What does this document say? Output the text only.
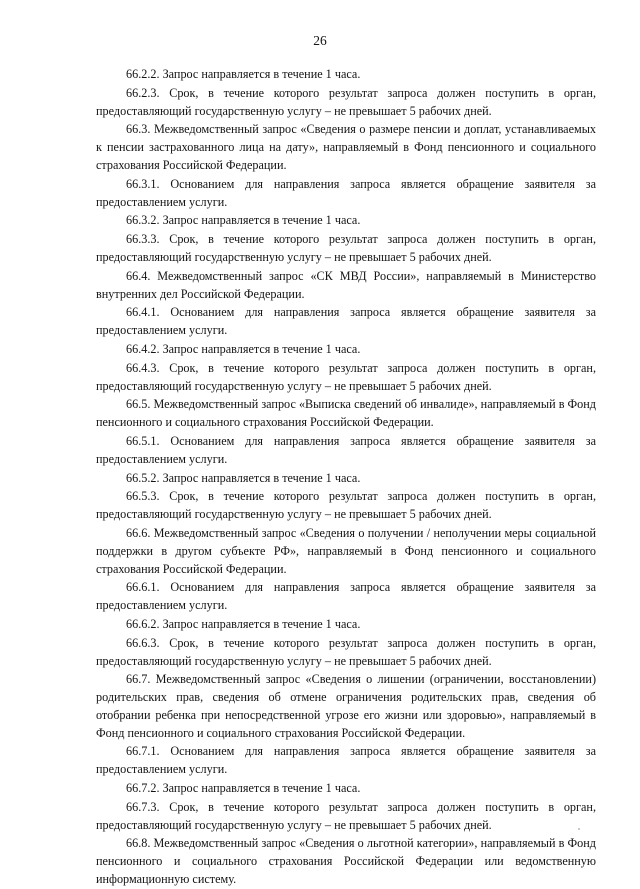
26

66.2.2. Запрос направляется в течение 1 часа.

66.2.3. Срок, в течение которого результат запроса должен поступить в орган, предоставляющий государственную услугу – не превышает 5 рабочих дней.

66.3. Межведомственный запрос «Сведения о размере пенсии и доплат, устанавливаемых к пенсии застрахованного лица на дату», направляемый в Фонд пенсионного и социального страхования Российской Федерации.

66.3.1. Основанием для направления запроса является обращение заявителя за предоставлением услуги.

66.3.2. Запрос направляется в течение 1 часа.

66.3.3. Срок, в течение которого результат запроса должен поступить в орган, предоставляющий государственную услугу – не превышает 5 рабочих дней.

66.4. Межведомственный запрос «СК МВД России», направляемый в Министерство внутренних дел Российской Федерации.

66.4.1. Основанием для направления запроса является обращение заявителя за предоставлением услуги.

66.4.2. Запрос направляется в течение 1 часа.

66.4.3. Срок, в течение которого результат запроса должен поступить в орган, предоставляющий государственную услугу – не превышает 5 рабочих дней.

66.5. Межведомственный запрос «Выписка сведений об инвалиде», направляемый в Фонд пенсионного и социального страхования Российской Федерации.

66.5.1. Основанием для направления запроса является обращение заявителя за предоставлением услуги.

66.5.2. Запрос направляется в течение 1 часа.

66.5.3. Срок, в течение которого результат запроса должен поступить в орган, предоставляющий государственную услугу – не превышает 5 рабочих дней.

66.6. Межведомственный запрос «Сведения о получении / неполучении меры социальной поддержки в другом субъекте РФ», направляемый в Фонд пенсионного и социального страхования Российской Федерации.

66.6.1. Основанием для направления запроса является обращение заявителя за предоставлением услуги.

66.6.2. Запрос направляется в течение 1 часа.

66.6.3. Срок, в течение которого результат запроса должен поступить в орган, предоставляющий государственную услугу – не превышает 5 рабочих дней.

66.7. Межведомственный запрос «Сведения о лишении (ограничении, восстановлении) родительских прав, сведения об отмене ограничения родительских прав, сведения об отобрании ребенка при непосредственной угрозе его жизни или здоровью», направляемый в Фонд пенсионного и социального страхования Российской Федерации.

66.7.1. Основанием для направления запроса является обращение заявителя за предоставлением услуги.

66.7.2. Запрос направляется в течение 1 часа.

66.7.3. Срок, в течение которого результат запроса должен поступить в орган, предоставляющий государственную услугу – не превышает 5 рабочих дней.

66.8. Межведомственный запрос «Сведения о льготной категории», направляемый в Фонд пенсионного и социального страхования Российской Федерации или ведомственную информационную систему.
